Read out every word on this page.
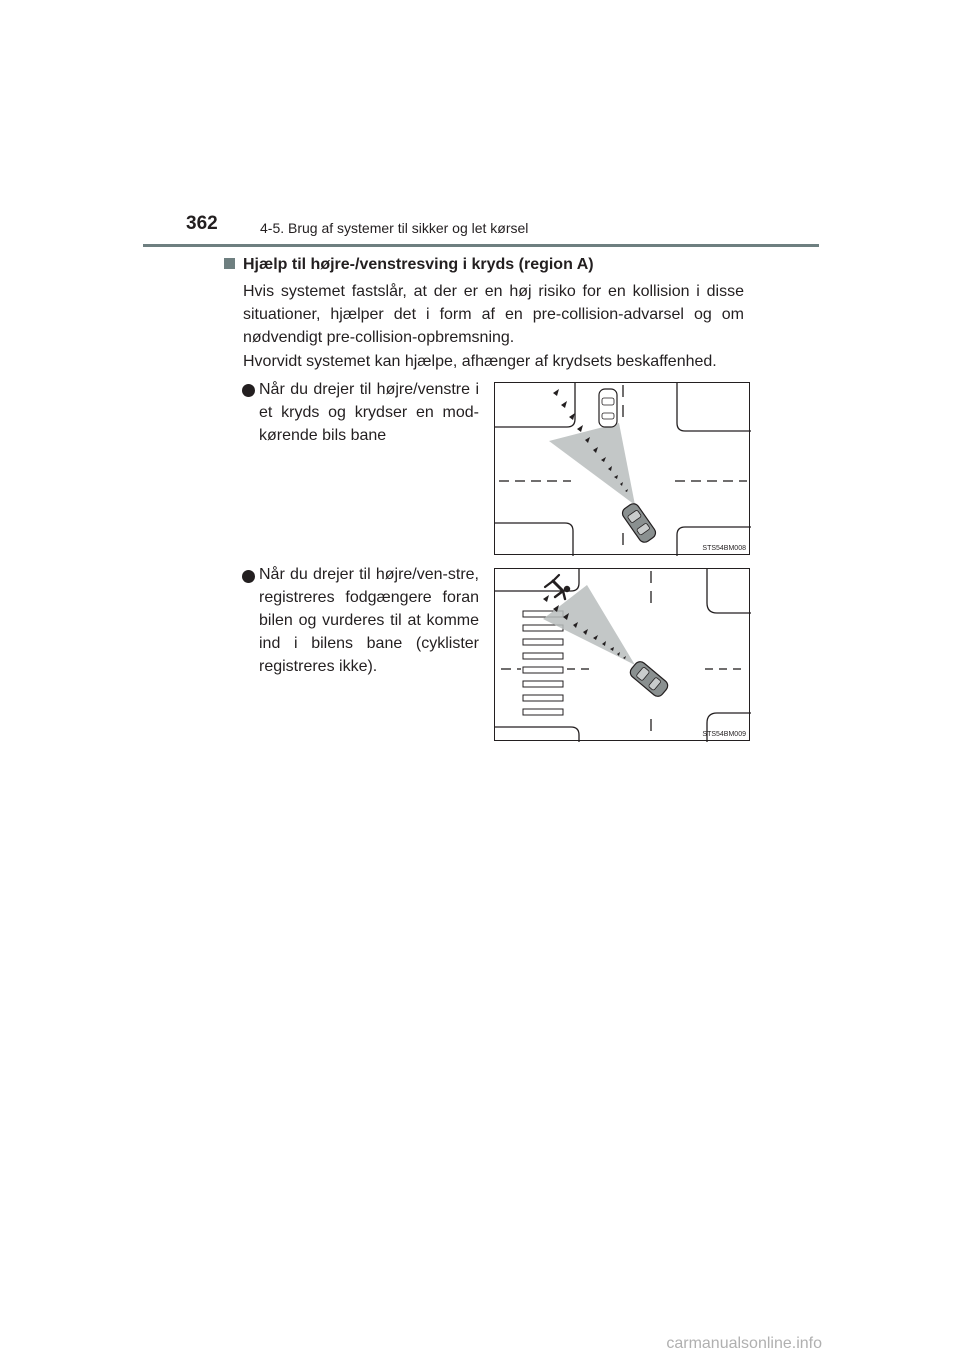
362	4-5. Brug af systemer til sikker og let kørsel
Hjælp til højre-/venstresving i kryds (region A)
Hvis systemet fastslår, at der er en høj risiko for en kollision i disse situationer, hjælper det i form af en pre-collision-advarsel og om nødvendigt pre-collision-opbremsning.
Hvorvidt systemet kan hjælpe, afhænger af krydsets beskaffenhed.
Når du drejer til højre/venstre i et kryds og krydser en mod-kørende bils bane
STS54BM008
Når du drejer til højre/ven-stre, registreres fodgængere foran bilen og vurderes til at komme ind i bilens bane (cyklister registreres ikke).
STS54BM009
carmanualsonline.info
